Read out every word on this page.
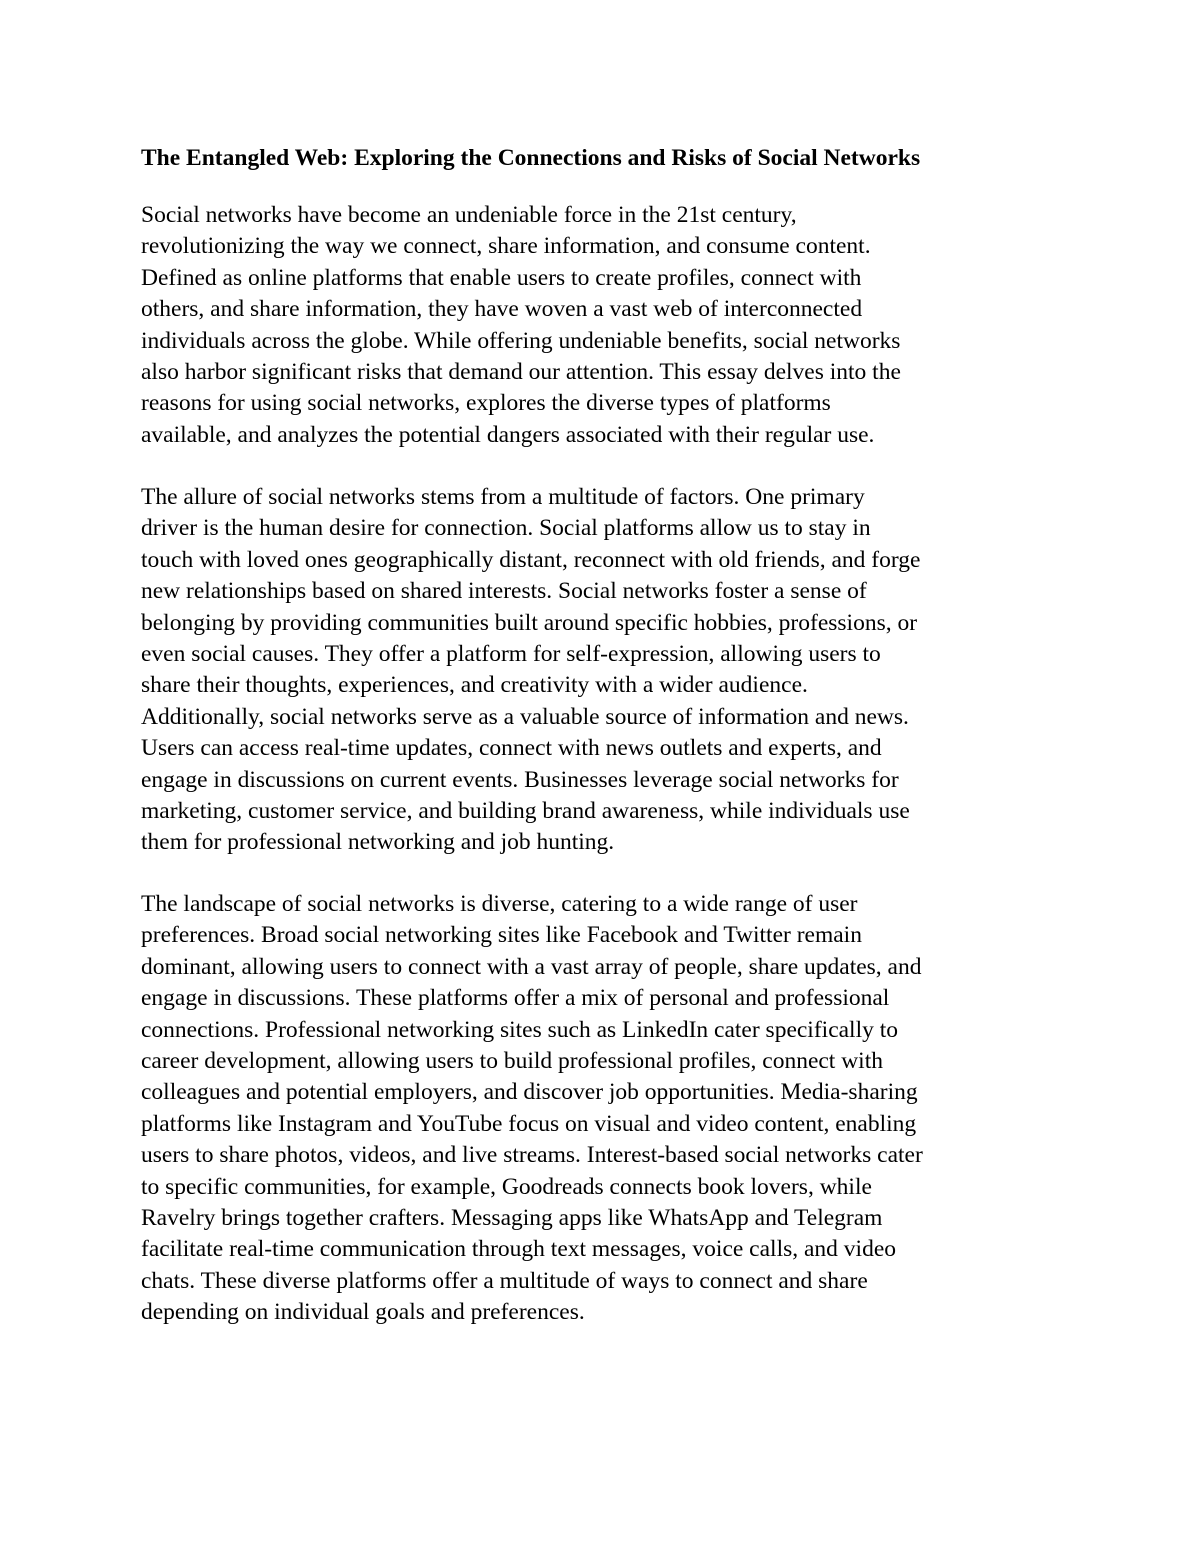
The Entangled Web: Exploring the Connections and Risks of Social Networks

Social networks have become an undeniable force in the 21st century,
revolutionizing the way we connect, share information, and consume content.
Defined as online platforms that enable users to create profiles, connect with
others, and share information, they have woven a vast web of interconnected
individuals across the globe. While offering undeniable benefits, social networks
also harbor significant risks that demand our attention. This essay delves into the
reasons for using social networks, explores the diverse types of platforms
available, and analyzes the potential dangers associated with their regular use.

The allure of social networks stems from a multitude of factors. One primary
driver is the human desire for connection. Social platforms allow us to stay in
touch with loved ones geographically distant, reconnect with old friends, and forge
new relationships based on shared interests. Social networks foster a sense of
belonging by providing communities built around specific hobbies, professions, or
even social causes. They offer a platform for self-expression, allowing users to
share their thoughts, experiences, and creativity with a wider audience.
Additionally, social networks serve as a valuable source of information and news.
Users can access real-time updates, connect with news outlets and experts, and
engage in discussions on current events. Businesses leverage social networks for
marketing, customer service, and building brand awareness, while individuals use
them for professional networking and job hunting.

The landscape of social networks is diverse, catering to a wide range of user
preferences. Broad social networking sites like Facebook and Twitter remain
dominant, allowing users to connect with a vast array of people, share updates, and
engage in discussions. These platforms offer a mix of personal and professional
connections. Professional networking sites such as LinkedIn cater specifically to
career development, allowing users to build professional profiles, connect with
colleagues and potential employers, and discover job opportunities. Media-sharing
platforms like Instagram and YouTube focus on visual and video content, enabling
users to share photos, videos, and live streams. Interest-based social networks cater
to specific communities, for example, Goodreads connects book lovers, while
Ravelry brings together crafters. Messaging apps like WhatsApp and Telegram
facilitate real-time communication through text messages, voice calls, and video
chats. These diverse platforms offer a multitude of ways to connect and share
depending on individual goals and preferences.
